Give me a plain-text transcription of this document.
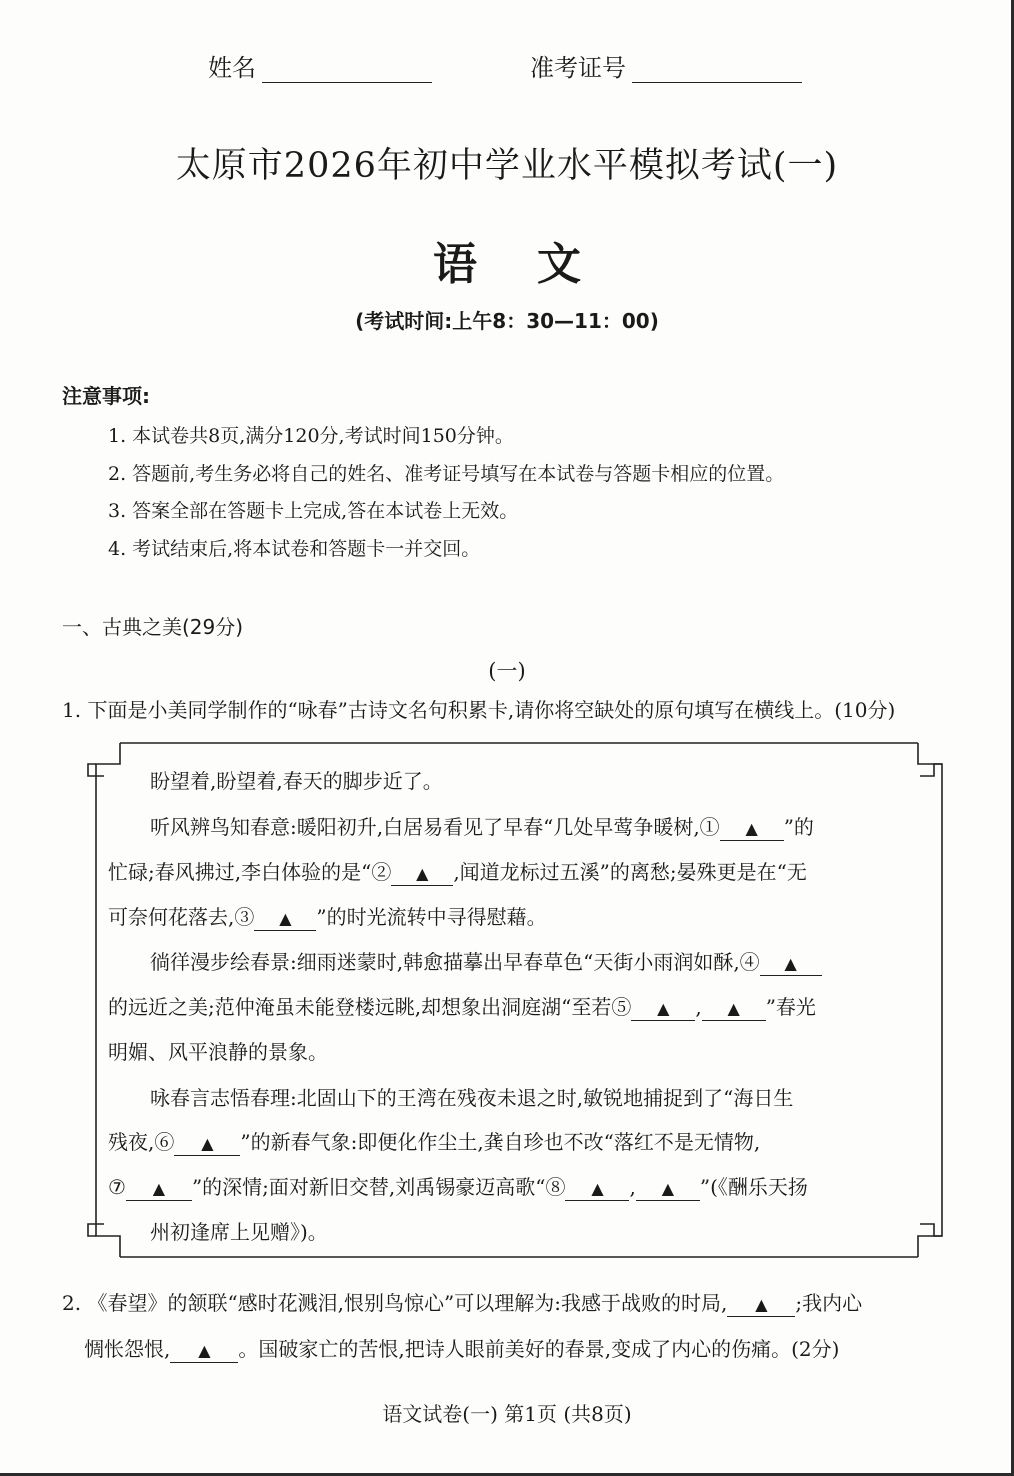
姓名	准考证号
太原市2026年初中学业水平模拟考试(一)
语文
(考试时间:上午8：30—11：00)
注意事项:
1. 本试卷共8页,满分120分,考试时间150分钟。
2. 答题前,考生务必将自己的姓名、准考证号填写在本试卷与答题卡相应的位置。
3. 答案全部在答题卡上完成,答在本试卷上无效。
4. 考试结束后,将本试卷和答题卡一并交回。
一、古典之美(29分)
(一)
1. 下面是小美同学制作的“咏春”古诗文名句积累卡,请你将空缺处的原句填写在横线上。(10分)
盼望着,盼望着,春天的脚步近了。
听风辨鸟知春意:暖阳初升,白居易看见了早春“几处早莺争暖树,① ▲ ”的
忙碌;春风拂过,李白体验的是“② ▲ ,闻道龙标过五溪”的离愁;晏殊更是在“无
可奈何花落去,③ ▲ ”的时光流转中寻得慰藉。
徜徉漫步绘春景:细雨迷蒙时,韩愈描摹出早春草色“天街小雨润如酥,④ ▲
的远近之美;范仲淹虽未能登楼远眺,却想象出洞庭湖“至若⑤ ▲ , ▲ ”春光
明媚、风平浪静的景象。
咏春言志悟春理:北固山下的王湾在残夜未退之时,敏锐地捕捉到了“海日生
残夜,⑥ ▲ ”的新春气象:即便化作尘土,龚自珍也不改“落红不是无情物,
⑦ ▲ ”的深情;面对新旧交替,刘禹锡豪迈高歌“⑧ ▲ , ▲ ”(《酬乐天扬
州初逢席上见赠》)。
2. 《春望》的颔联“感时花溅泪,恨别鸟惊心”可以理解为:我感于战败的时局, ▲ ;我内心
惆怅怨恨, ▲ 。国破家亡的苦恨,把诗人眼前美好的春景,变成了内心的伤痛。(2分)
语文试卷(一) 第1页 (共8页)
